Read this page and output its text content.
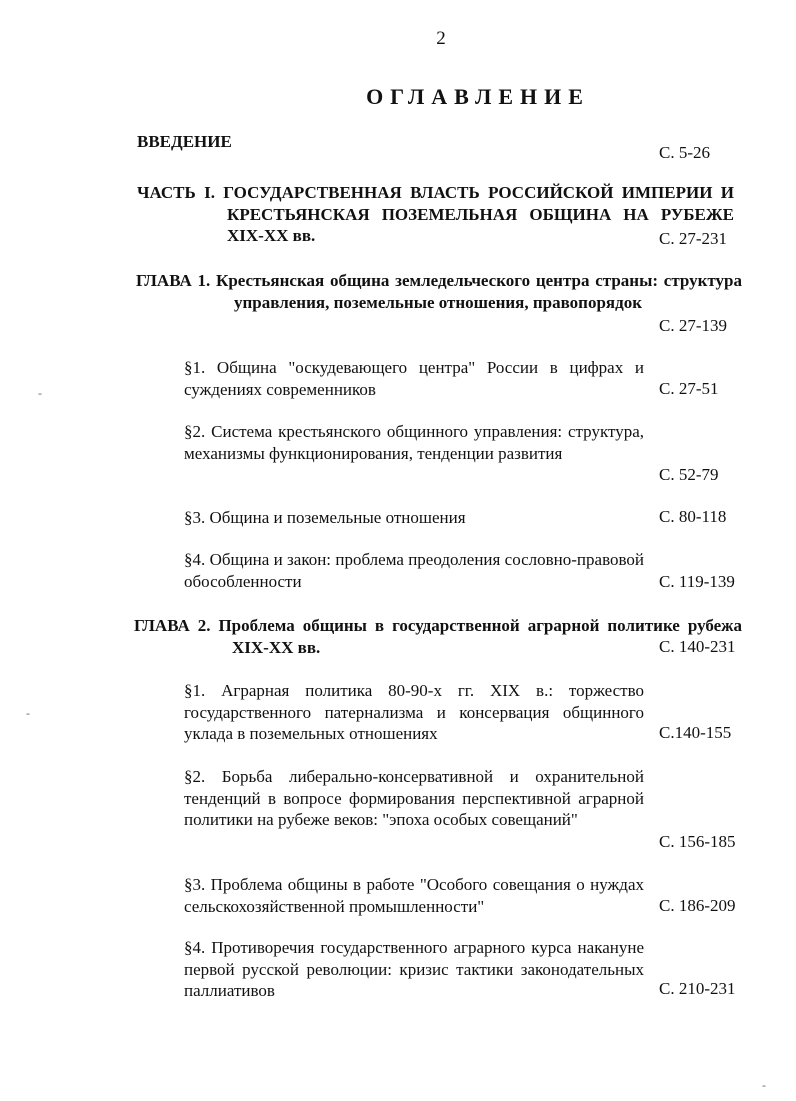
2
ОГЛАВЛЕНИЕ
ВВЕДЕНИЕ
С. 5-26
ЧАСТЬ I. ГОСУДАРСТВЕННАЯ ВЛАСТЬ РОССИЙСКОЙ ИМПЕРИИ И КРЕСТЬЯНСКАЯ ПОЗЕМЕЛЬНАЯ ОБЩИНА НА РУБЕЖЕ XIX-XX вв.	С. 27-231
ГЛАВА 1. Крестьянская община земледельческого центра страны: структура управления, поземельные отношения, правопорядок
С. 27-139
§1. Община "оскудевающего центра" России в цифрах и суждениях современников	С. 27-51
§2. Система крестьянского общинного управления: структура, механизмы функционирования, тенденции развития
С. 52-79
§3. Община и поземельные отношения	С. 80-118
§4. Община и закон: проблема преодоления сословно-правовой обособленности	С. 119-139
ГЛАВА 2. Проблема общины в государственной аграрной политике рубежа XIX-XX вв.	С. 140-231
§1. Аграрная политика 80-90-х гг. XIX в.: торжество государственного патернализма и консервация общинного уклада в поземельных отношениях	С.140-155
§2. Борьба либерально-консервативной и охранительной тенденций в вопросе формирования перспективной аграрной политики на рубеже веков: "эпоха особых совещаний"
С. 156-185
§3. Проблема общины в работе "Особого совещания о нуждах сельскохозяйственной промышленности"	С. 186-209
§4. Противоречия государственного аграрного курса накануне первой русской революции: кризис тактики законодательных паллиативов	С. 210-231
‐
‐
‐
